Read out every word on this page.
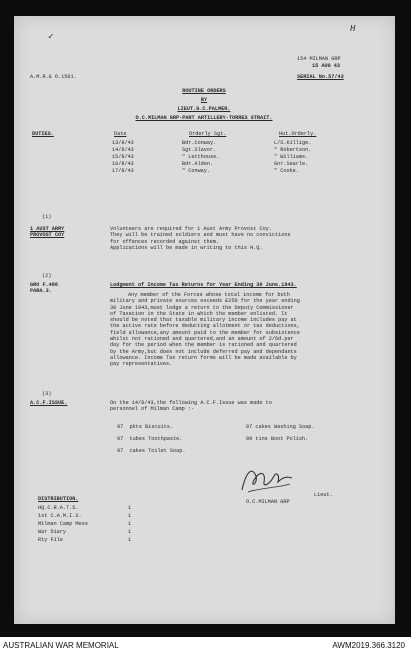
✓
H
154 MILMAN GRP
15 AUG 43
SERIAL No.57/43
A.M.R.& O.1501.
ROUTINE ORDERS
BY
LIEUT.G.C.PALMER.
O.C.MILMAN GRP-PART ARTILLERY-TORRES STRAIT.
DUTIES.	Date	Orderly Sgt.	Hut.Orderly.
13/8/43	Bdr.Conway.	L/S.Killige.
14/8/43	Sgt.Slavor.	" Robertson.
15/8/43	" Letthouse.	" Williams.
16/8/43	Bdr.Alden.	Gnr.Searle.
17/8/43	" Conway.	" Cooke.
(1)
1 AUST ARMY
PROVOST COY
Volunteers are required for 1 Aust Army Provost Coy.
They will be trained soldiers and must have no convictions
for offences recorded against them.
Applications will be made in writing to this H.Q.
(2)
GRO F.486
PARA.3.
Lodgment of Income Tax Returns for Year Ending 30 June.1943.
Any member of the Forces whose total income for both
military and private sources exceeds £250 for the year ending
30 June 1943,must lodge a return to the Deputy Commissioner
of Taxation in the State in which the member enlisted. It
should be noted that taxable military income includes pay at
the active rate before deducting allotment or tax deductions,
field allowance,any amount paid to the member for subsistence
whilst not rationed and quartered,and an amount of 2/6d.per
day for the period when the member is rationed and quartered
by the Army,but does not include deferred pay and dependants
allowance. Income Tax return forms will be made available by
pay representatives.
(3)
A.C.F.ISSUE.	On the 14/8/43,the following A.C.F.Issue was made to
personnel of Milman Camp :-
97  pkts Biscuits.
97  tubes Toothpaste.
97  cakes Toilet Soap.
97 cakes Washing Soap.
99 tins Boot Polish.
Lieut.
O.C.MILMAN GRP
DISTRIBUTION.
HQ.C.R.A.T.S.	1
1st C.A.M.I.S.	1
Milman Camp Mess	1
War Diary	1
Rty File	1
AUSTRALIAN WAR MEMORIAL	AWM2019.366.3120
